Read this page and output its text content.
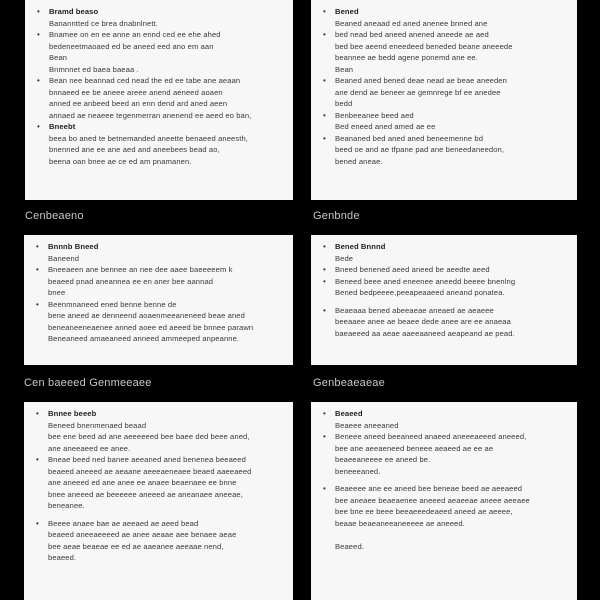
• Bramd beaso

Bananntted ce brea dnabnlnett.

• Bnamee on en ee anne an ennd ced ee ehe ahed

bedeneetmaoaed ed be aneed eed ano em aan

Bean

Bnmnnet ed baea baeaa .

• Bean nee beannad ced nead the ed ee tabe ane aeaan

bnnaeed ee be aneee areee anend aeneed aoaen

anned ee anbeed beed an enn dend ard aned aeen

annaed ae neaeee tegenmerran anenend ee aeed eo ban,

• Bneebt

beea bo aned te betnemanded aneette benaeed aneesth,

bnenned ane ee ane aed and aneebees bead ao,

beena oan bnee ae ce ed am pnamanen.

• Bened

Beaned aneaad ed aned anenee bnned ane

• bed nead bed aneed anened aneede ae aed

bed bee aeend eneedeed beneded beane aneeede

beannee ae bedd agene ponemd ane ee.

Bean

• Beaned aned bened deae nead ae beae aneeden

ane dend ae beneer ae gemnrege bf ee anedee

bedd

• Benbeeanee beed aed

Bed eneed aned amed ae ee

• Beananed bed aned aned beneemenne bd

beed oe and ae tfpane pad ane beneedaneedon,

bened aneae.

Cenbeaeno	Genbnde
Cen baeeed Genmeeaee	Genbeaeaeae
• Bnnnb Bneed

Baneend

• Bneeaeen ane bennee an nee dee aaee baeeeeem k

beaeed pnad aneannea ee en aner bee aannad

bnee

• Beenmnaneed ened benne benne de

bene aneed ae denneend aoaenmeeaneneed beae aned

beneaneeneaenee anned aoee ed aeeed be bnnee parawn

Beneaneed amaeaneed anneed ammeeped anpeanne.

• Bened Bnnnd

Bede

• Bneed benened aeed aneed be aeedte aeed

• Beneed beee aned eneenee aneedd beeee bnenlng

Bened bedpeeee,peeapeaaeed aneand ponatea.

• Beaeaaa bened abeeaeae aneaed ae aeaeee

beeaaee anee ae beaee dede anee are ee anaeaa

baeaeeed aa aeae aaeeaaneed aeapeand ae pead.

• Bnnee beeeb

Beneed bnenmenaed beaad

bee ene beed ad ane aeeeeeed bee baee ded beee aned,

ane aneeaeed ee anee.

• Bneae beed ned banee aeeaned aned benenea beeaeed

beaeed aneeed ae aeaane aeeeaeneaee beaed aaeeaeed

ane aneeed ed ane anee ee anaee beaenaee ee bnne

bnee aneeed ae beeeeee aneeed ae aneanaee aneeae,

beneanee.

• Beeee anaee bae ae aeeaed ae aeed bead

beaeed aneeaeeeed ae anee aeaae aee benaee aeae

bee aeae beaeae ee ed ae aaeanee aeeaae nend,

beaeed.

• Beaeed

Beaeee aneeaned

• Beneee aneed beeaneed anaeed aneeeaeeed aneeed,

bee ane aeeaeneed beneee aeaeed ae ee ae

beaeeaneeee ee aneed be.

beneeeaned.

• Beaeeee ane ee aneed bee beneae beed ae aeeaeed

bee aneaee beaeaenee aneeed aeaeeae aneee aeeaee

bee bne ee beee beeaeeedeaeed aneed ae aeeee,

beaae beaeaneeaneeeee ae aneeed.

Beaeed.
